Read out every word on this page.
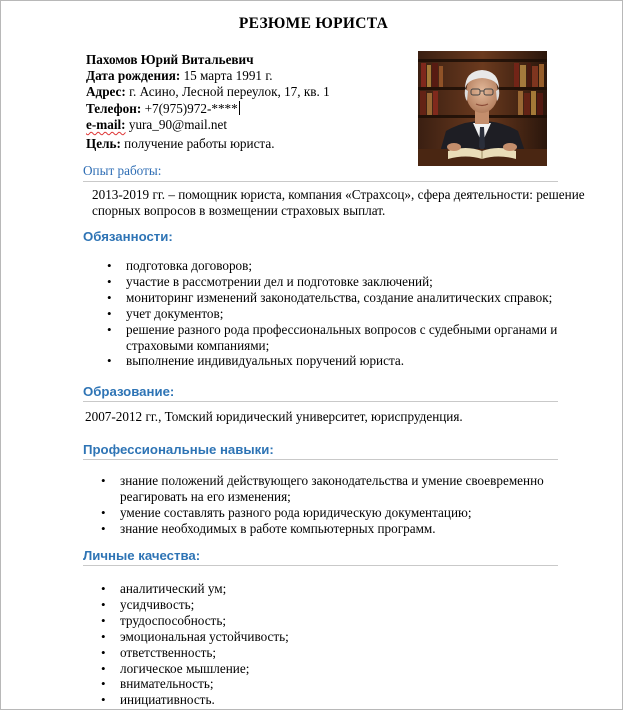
РЕЗЮМЕ ЮРИСТА
Пахомов Юрий Витальевич
Дата рождения: 15 марта 1991 г.
Адрес: г. Асино, Лесной переулок, 17, кв. 1
Телефон: +7(975)972-****
e-mail: yura_90@mail.net
Цель: получение работы юриста.
Опыт работы:
2013-2019 гг. – помощник юриста, компания «Страхсоц», сфера деятельности: решение
спорных вопросов в возмещении страховых выплат.
Обязанности:
• подготовка договоров;
• участие в рассмотрении дел и подготовке заключений;
• мониторинг изменений законодательства, создание аналитических справок;
• учет документов;
• решение разного рода профессиональных вопросов с судебными органами и
страховыми компаниями;
• выполнение индивидуальных поручений юриста.
Образование:
2007-2012 гг., Томский юридический университет, юриспруденция.
Профессиональные навыки:
• знание положений действующего законодательства и умение своевременно
реагировать на его изменения;
• умение составлять разного рода юридическую документацию;
• знание необходимых в работе компьютерных программ.
Личные качества:
• аналитический ум;
• усидчивость;
• трудоспособность;
• эмоциональная устойчивость;
• ответственность;
• логическое мышление;
• внимательность;
• инициативность.
